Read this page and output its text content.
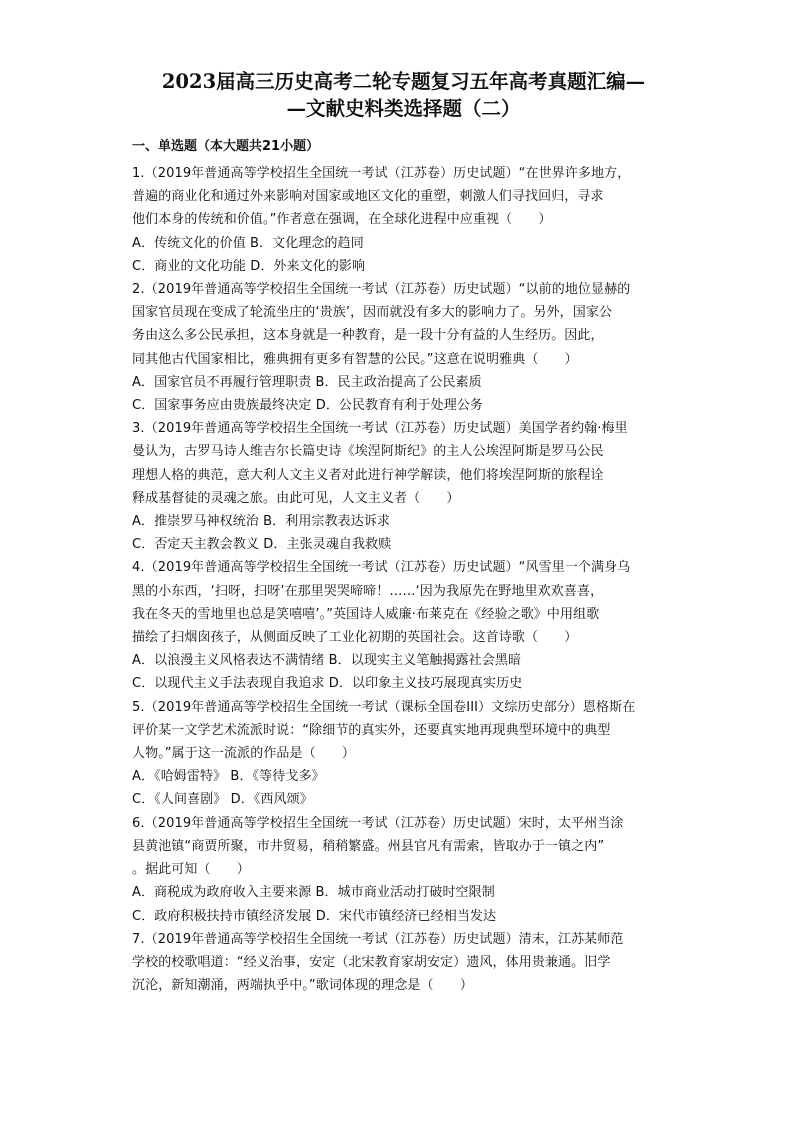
2023届高三历史高考二轮专题复习五年高考真题汇编—
—文献史料类选择题（二）
一、单选题（本大题共21小题）
1.（2019年普通高等学校招生全国统一考试（江苏卷）历史试题）“在世界许多地方，
普遍的商业化和通过外来影响对国家或地区文化的重塑，刺激人们寻找回归，寻求
他们本身的传统和价值。”作者意在强调，在全球化进程中应重视（　　）
A．传统文化的价值 B．文化理念的趋同
C．商业的文化功能 D．外来文化的影响
2.（2019年普通高等学校招生全国统一考试（江苏卷）历史试题）“以前的地位显赫的
国家官员现在变成了轮流坐庄的‘贵族’，因而就没有多大的影响力了。另外，国家公
务由这么多公民承担，这本身就是一种教育，是一段十分有益的人生经历。因此，
同其他古代国家相比，雅典拥有更多有智慧的公民。”这意在说明雅典（　　）
A．国家官员不再履行管理职责 B．民主政治提高了公民素质
C．国家事务应由贵族最终决定 D．公民教育有利于处理公务
3.（2019年普通高等学校招生全国统一考试（江苏卷）历史试题）美国学者约翰·梅里
曼认为，古罗马诗人维吉尔长篇史诗《埃涅阿斯纪》的主人公埃涅阿斯是罗马公民
理想人格的典范，意大利人文主义者对此进行神学解读，他们将埃涅阿斯的旅程诠
释成基督徒的灵魂之旅。由此可见，人文主义者（　　）
A．推崇罗马神权统治 B．利用宗教表达诉求
C．否定天主教会教义 D．主张灵魂自我救赎
4.（2019年普通高等学校招生全国统一考试（江苏卷）历史试题）“风雪里一个满身乌
黑的小东西，‘扫呀，扫呀’在那里哭哭啼啼！……‘因为我原先在野地里欢欢喜喜，
我在冬天的雪地里也总是笑嘻嘻’。”英国诗人威廉·布莱克在《经验之歌》中用组歌
描绘了扫烟囱孩子，从侧面反映了工业化初期的英国社会。这首诗歌（　　）
A．以浪漫主义风格表达不满情绪 B．以现实主义笔触揭露社会黑暗
C．以现代主义手法表现自我追求 D．以印象主义技巧展现真实历史
5.（2019年普通高等学校招生全国统一考试（课标全国卷III）文综历史部分）恩格斯在
评价某一文学艺术流派时说：“除细节的真实外，还要真实地再现典型环境中的典型
人物。”属于这一流派的作品是（　　）
A．《哈姆雷特》 B．《等待戈多》
C．《人间喜剧》 D．《西风颂》
6.（2019年普通高等学校招生全国统一考试（江苏卷）历史试题）宋时，太平州当涂
县黄池镇“商贾所聚，市井贸易，稍稍繁盛。州县官凡有需索，皆取办于一镇之内”
。据此可知（　　）
A．商税成为政府收入主要来源 B．城市商业活动打破时空限制
C．政府积极扶持市镇经济发展 D．宋代市镇经济已经相当发达
7.（2019年普通高等学校招生全国统一考试（江苏卷）历史试题）清末，江苏某师范
学校的校歌唱道：“经义治事，安定（北宋教育家胡安定）遗风，体用贵兼通。旧学
沉沦，新知潮涌，两端执乎中。”歌词体现的理念是（　　）
